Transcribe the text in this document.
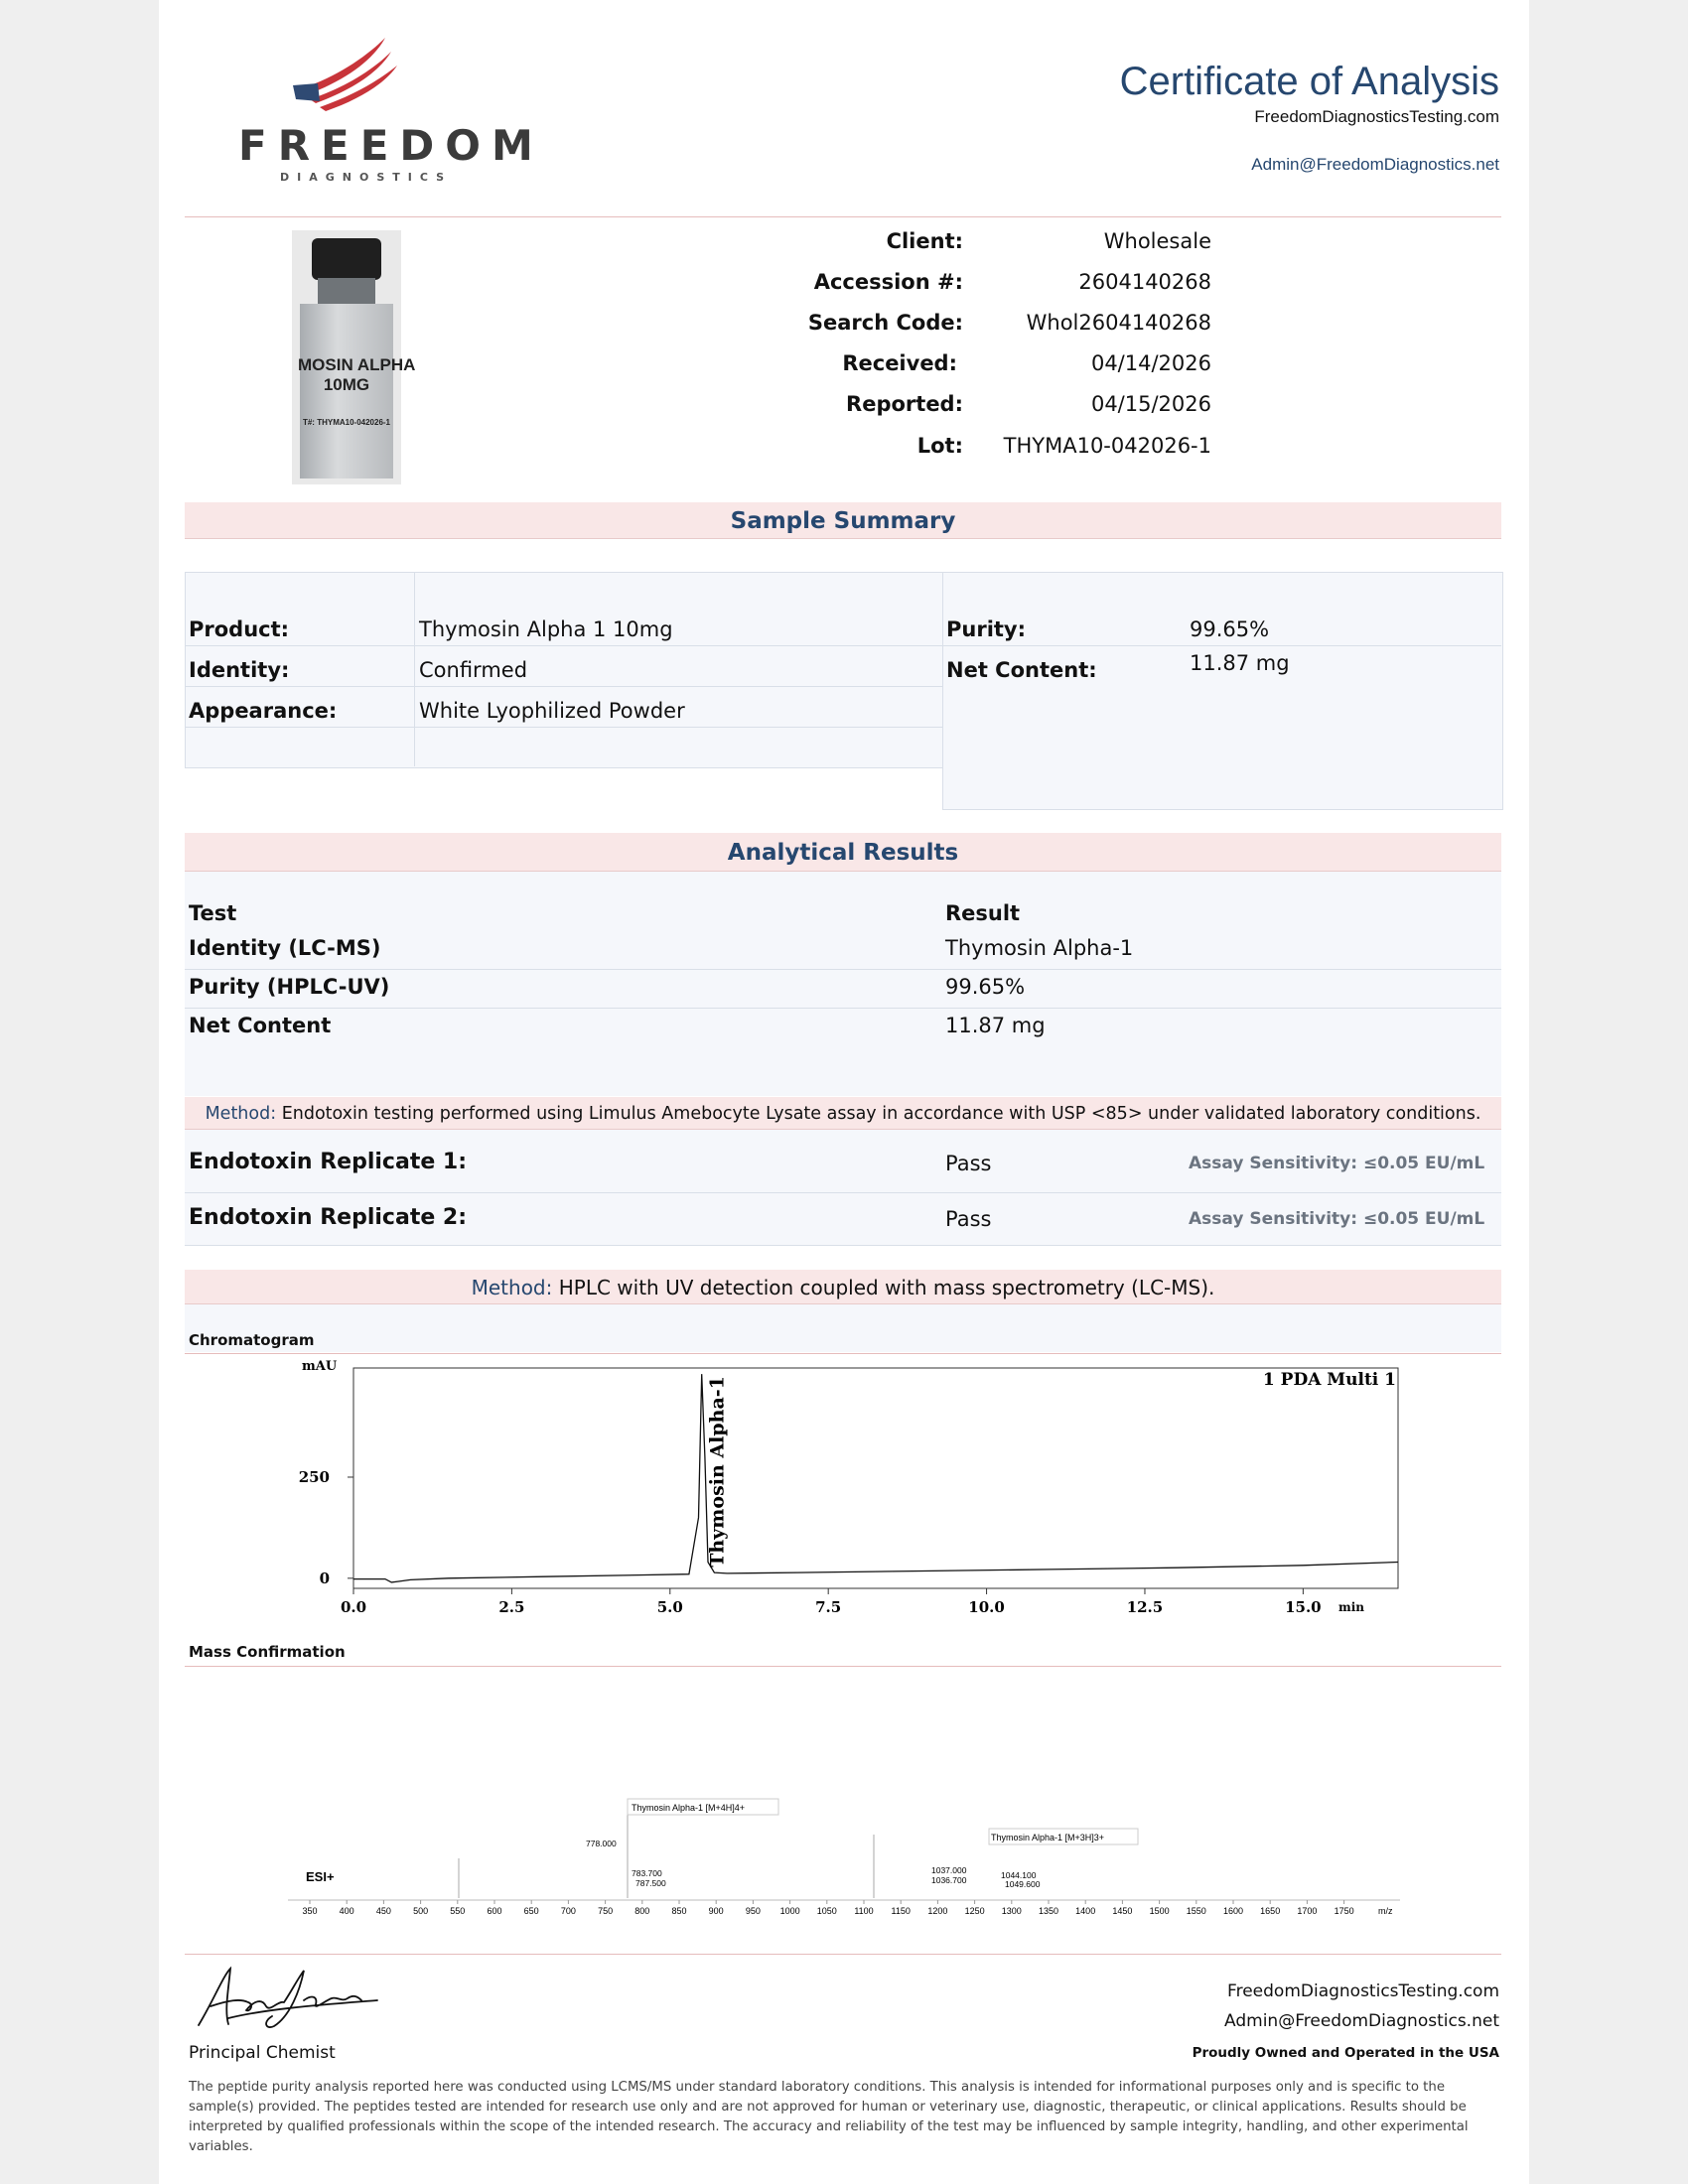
FREEDOM
DIAGNOSTICS
Certificate of Analysis
FreedomDiagnosticsTesting.com
Admin@FreedomDiagnostics.net
MOSIN ALPHA
10MG
T#: THYMA10-042026-1
Client:	Wholesale
Accession #:	2604140268
Search Code:	Whol2604140268
Received:	04/14/2026
Reported:	04/15/2026
Lot: THYMA10-042026-1
Sample Summary
Product:	Thymosin Alpha 1 10mg
Identity:	Confirmed
Appearance:	White Lyophilized Powder
Purity:	99.65%
Net Content:	11.87 mg
Analytical Results
Test	Result
Identity (LC-MS)	Thymosin Alpha-1
Purity (HPLC-UV)	99.65%
Net Content	11.87 mg
Method: Endotoxin testing performed using Limulus Amebocyte Lysate assay in accordance with USP <85> under validated laboratory conditions.
Endotoxin Replicate 1:	Pass	Assay Sensitivity: ≤0.05 EU/mL
Endotoxin Replicate 2:	Pass	Assay Sensitivity: ≤0.05 EU/mL
Method: HPLC with UV detection coupled with mass spectrometry (LC-MS).
Chromatogram
mAU
1 PDA Multi 1
min
0
250
0.0	2.5	5.0	7.5	10.0	12.5	15.0
Thymosin Alpha-1
Mass Confirmation
ESI+
Thymosin Alpha-1 [M+4H]4+
Thymosin Alpha-1 [M+3H]3+
778.000
783.700
787.500
1037.000
1036.700	1044.100
1049.600
350 400 450 500 550 600 650 700 750 800 850 900 950 1000 1050 1100 1150 1200 1250 1300 1350 1400 1450 1500 1550 1600 1650 1700 1750	m/z
Principal Chemist
FreedomDiagnosticsTesting.com
Admin@FreedomDiagnostics.net
Proudly Owned and Operated in the USA
The peptide purity analysis reported here was conducted using LCMS/MS under standard laboratory conditions. This analysis is intended for informational purposes only and is specific to the sample(s) provided. The peptides tested are intended for research use only and are not approved for human or veterinary use, diagnostic, therapeutic, or clinical applications. Results should be interpreted by qualified professionals within the scope of the intended research. The accuracy and reliability of the test may be influenced by sample integrity, handling, and other experimental variables.
